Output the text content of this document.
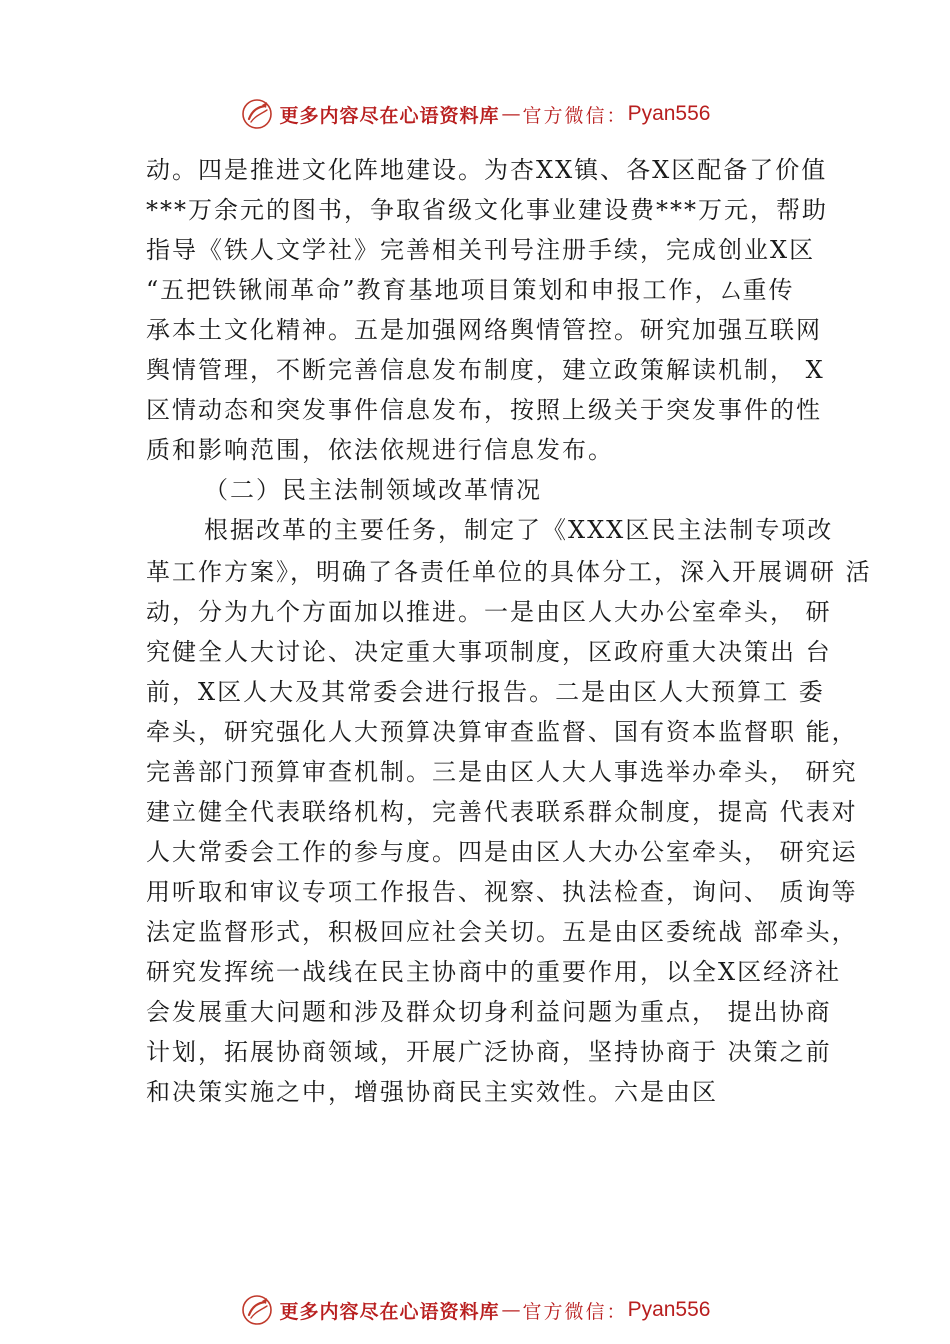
更多内容尽在心语资料库 — 官方微信： Pyan556
动。四是推进文化阵地建设。为杏XX镇、各X区配备了价值
***万余元的图书，争取省级文化事业建设费***万元，帮助
指导《铁人文学社》完善相关刊号注册手续，完成创业X区
“五把铁锹闹革命”教育基地项目策划和申报工作，厶重传
承本土文化精神。五是加强网络舆情管控。研究加强互联网
舆情管理，不断完善信息发布制度，建立政策解读机制， X
区情动态和突发事件信息发布，按照上级关于突发事件的性
质和影响范围，依法依规进行信息发布。
（二）民主法制领域改革情况
根据改革的主要任务，制定了《XXX区民主法制专项改
革工作方案》，明确了各责任单位的具体分工，深入开展调研 活
动，分为九个方面加以推进。一是由区人大办公室牵头， 研
究健全人大讨论、决定重大事项制度，区政府重大决策出 台
前，X区人大及其常委会进行报告。二是由区人大预算工 委
牵头，研究强化人大预算决算审查监督、国有资本监督职 能，
完善部门预算审查机制。三是由区人大人事选举办牵头， 研究
建立健全代表联络机构，完善代表联系群众制度，提高 代表对
人大常委会工作的参与度。四是由区人大办公室牵头， 研究运
用听取和审议专项工作报告、视察、执法检查，询问、 质询等
法定监督形式，积极回应社会关切。五是由区委统战 部牵头，
研究发挥统一战线在民主协商中的重要作用，以全X区经济社
会发展重大问题和涉及群众切身利益问题为重点， 提出协商
计划，拓展协商领域，开展广泛协商，坚持协商于 决策之前
和决策实施之中，增强协商民主实效性。六是由区
更多内容尽在心语资料库 — 官方微信： Pyan556
